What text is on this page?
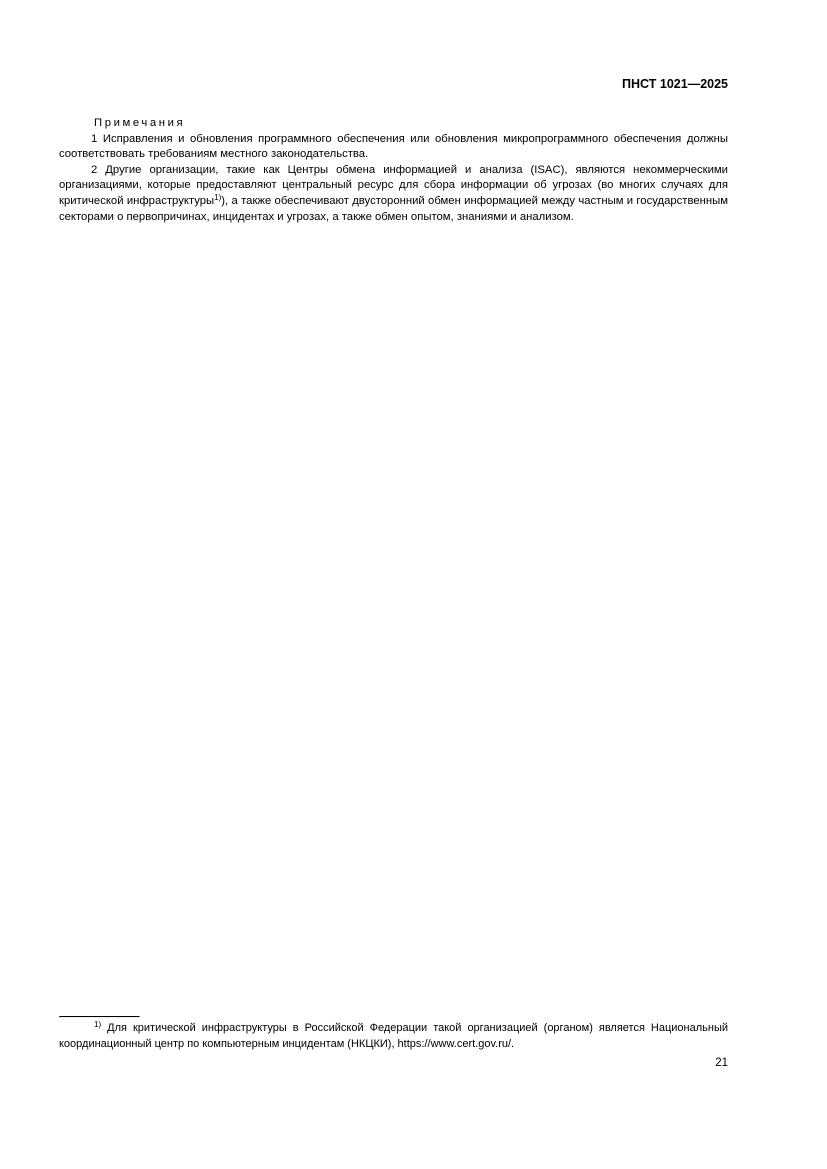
ПНСТ 1021—2025

Примечания

1 Исправления и обновления программного обеспечения или обновления микропрограммного обеспечения должны соответствовать требованиям местного законодательства.

2 Другие организации, такие как Центры обмена информацией и анализа (ISAC), являются некоммерческими организациями, которые предоставляют центральный ресурс для сбора информации об угрозах (во многих случаях для критической инфраструктуры$^{1)}$), а также обеспечивают двусторонний обмен информацией между частным и государственным секторами о первопричинах, инцидентах и угрозах, а также обмен опытом, знаниями и анализом.

$^{1)}$ Для критической инфраструктуры в Российской Федерации такой организацией (органом) является Национальный координационный центр по компьютерным инцидентам (НКЦКИ), https://www.cert.gov.ru/.

21
